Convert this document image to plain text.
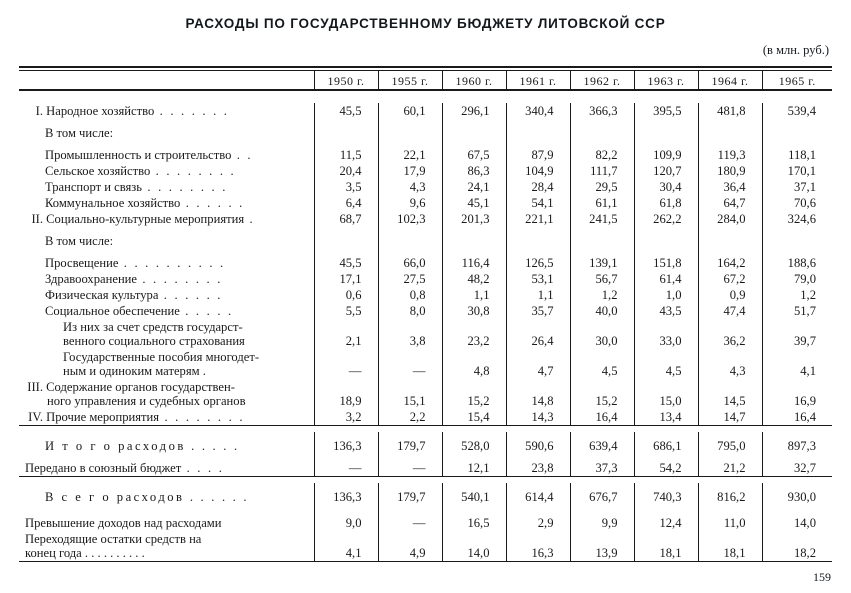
РАСХОДЫ ПО ГОСУДАРСТВЕННОМУ БЮДЖЕТУ ЛИТОВСКОЙ ССР
(в млн. руб.)

	1950 г.	1955 г.	1960 г.	1961 г.	1962 г.	1963 г.	1964 г.	1965 г.

I. Народное хозяйство . . . . . . .	45,5	60,1	296,1	340,4	366,3	395,5	481,8	539,4
В том числе:								
Промышленность и строительство . .	11,5	22,1	67,5	87,9	82,2	109,9	119,3	118,1
Сельское хозяйство . . . . . . . .	20,4	17,9	86,3	104,9	111,7	120,7	180,9	170,1
Транспорт и связь . . . . . . . .	3,5	4,3	24,1	28,4	29,5	30,4	36,4	37,1
Коммунальное хозяйство . . . . . .	6,4	9,6	45,1	54,1	61,1	61,8	64,7	70,6
II. Социально-культурные мероприятия .	68,7	102,3	201,3	221,1	241,5	262,2	284,0	324,6
В том числе:								
Просвещение . . . . . . . . . .	45,5	66,0	116,4	126,5	139,1	151,8	164,2	188,6
Здравоохранение . . . . . . . .	17,1	27,5	48,2	53,1	56,7	61,4	67,2	79,0
Физическая культура . . . . . .	0,6	0,8	1,1	1,1	1,2	1,0	0,9	1,2
Социальное обеспечение . . . . .	5,5	8,0	30,8	35,7	40,0	43,5	47,4	51,7

Из них за счет средств государст-
венного социального страхования	2,1	3,8	23,2	26,4	30,0	33,0	36,2	39,7

Государственные пособия многодет-
ным и одиноким матерям .	—	—	4,8	4,7	4,5	4,5	4,3	4,1

III. Содержание органов государствен-
ного управления и судебных органов	18,9	15,1	15,2	14,8	15,2	15,0	14,5	16,9
IV. Прочие мероприятия . . . . . . . .	3,2	2,2	15,4	14,3	16,4	13,4	14,7	16,4

И т о г о расходов . . . . .	136,3	179,7	528,0	590,6	639,4	686,1	795,0	897,3
Передано в союзный бюджет . . . .	—	—	12,1	23,8	37,3	54,2	21,2	32,7

В с е г о расходов . . . . . .	136,3	179,7	540,1	614,4	676,7	740,3	816,2	930,0
Превышение доходов над расходами	9,0	—	16,5	2,9	9,9	12,4	11,0	14,0

Переходящие остатки средств на
конец года . . . . . . . . . .	4,1	4,9	14,0	16,3	13,9	18,1	18,1	18,2

159
